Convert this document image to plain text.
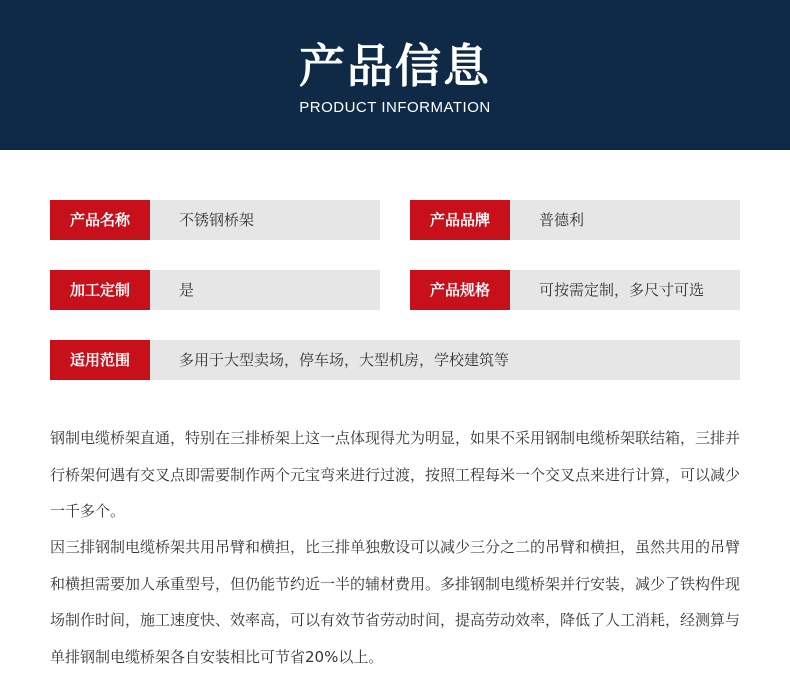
产品信息
PRODUCT INFORMATION
产品名称	不锈钢桥架	产品品牌	普德利
加工定制	是	产品规格	可按需定制，多尺寸可选
适用范围	多用于大型卖场，停车场，大型机房，学校建筑等

钢制电缆桥架直通，特别在三排桥架上这一点体现得尤为明显，如果不采用钢制电缆桥架联结箱，三排并行桥架何遇有交叉点即需要制作两个元宝弯来进行过渡，按照工程每米一个交叉点来进行计算，可以减少一千多个。

因三排钢制电缆桥架共用吊臂和横担，比三排单独敷设可以减少三分之二的吊臂和横担，虽然共用的吊臂和横担需要加人承重型号，但仍能节约近一半的辅材费用。多排钢制电缆桥架并行安装，减少了铁构件现场制作时间，施工速度快、效率高，可以有效节省劳动时间，提高劳动效率，降低了人工消耗，经测算与单排钢制电缆桥架各自安装相比可节省20%以上。
